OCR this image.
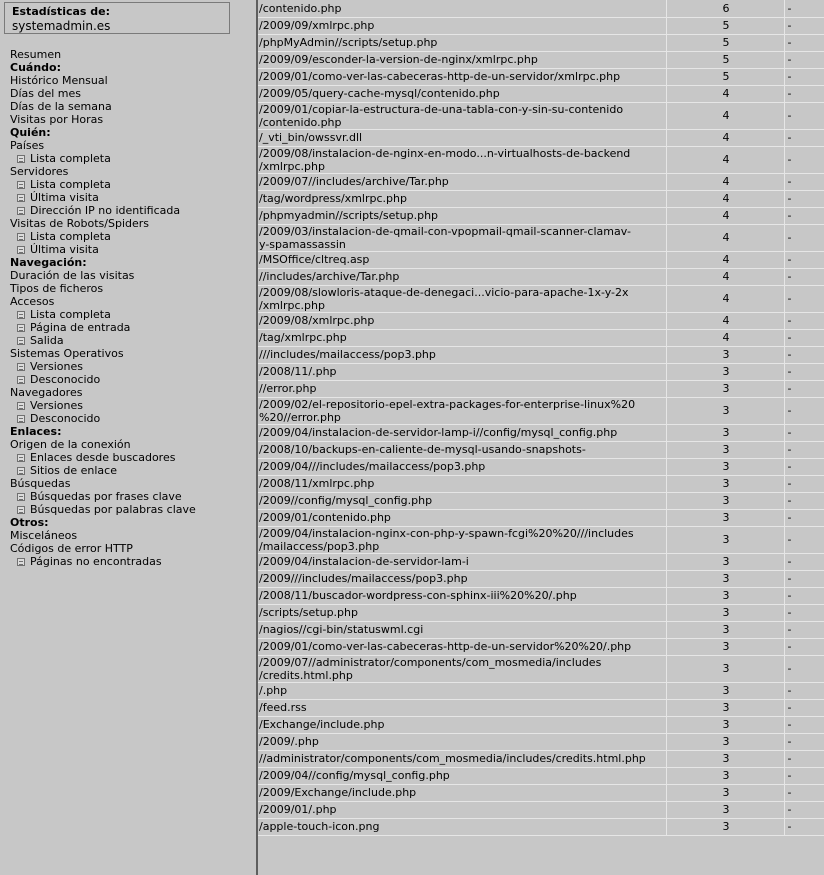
Estadísticas de:
systemadmin.es
Resumen
Cuándo:
Histórico Mensual
Días del mes
Días de la semana
Visitas por Horas
Quién:
Países
Lista completa
Servidores
Lista completa
Última visita
Dirección IP no identificada
Visitas de Robots/Spiders
Lista completa
Última visita
Navegación:
Duración de las visitas
Tipos de ficheros
Accesos
Lista completa
Página de entrada
Salida
Sistemas Operativos
Versiones
Desconocido
Navegadores
Versiones
Desconocido
Enlaces:
Origen de la conexión
Enlaces desde buscadores
Sitios de enlace
Búsquedas
Búsquedas por frases clave
Búsquedas por palabras clave
Otros:
Misceláneos
Códigos de error HTTP
Páginas no encontradas
/contenido.php	6	-
/2009/09/xmlrpc.php	5	-
/phpMyAdmin//scripts/setup.php	5	-
/2009/09/esconder-la-version-de-nginx/xmlrpc.php	5	-
/2009/01/como-ver-las-cabeceras-http-de-un-servidor/xmlrpc.php	5	-
/2009/05/query-cache-mysql/contenido.php	4	-
/2009/01/copiar-la-estructura-de-una-tabla-con-y-sin-su-contenido
/contenido.php	4	-
/_vti_bin/owssvr.dll	4	-
/2009/08/instalacion-de-nginx-en-modo...n-virtualhosts-de-backend
/xmlrpc.php	4	-
/2009/07//includes/archive/Tar.php	4	-
/tag/wordpress/xmlrpc.php	4	-
/phpmyadmin//scripts/setup.php	4	-
/2009/03/instalacion-de-qmail-con-vpopmail-qmail-scanner-clamav-
y-spamassassin	4	-
/MSOffice/cltreq.asp	4	-
//includes/archive/Tar.php	4	-
/2009/08/slowloris-ataque-de-denegaci...vicio-para-apache-1x-y-2x
/xmlrpc.php	4	-
/2009/08/xmlrpc.php	4	-
/tag/xmlrpc.php	4	-
///includes/mailaccess/pop3.php	3	-
/2008/11/.php	3	-
//error.php	3	-
/2009/02/el-repositorio-epel-extra-packages-for-enterprise-linux%20
%20//error.php	3	-
/2009/04/instalacion-de-servidor-lamp-i//config/mysql_config.php	3	-
/2008/10/backups-en-caliente-de-mysql-usando-snapshots-	3	-
/2009/04///includes/mailaccess/pop3.php	3	-
/2008/11/xmlrpc.php	3	-
/2009//config/mysql_config.php	3	-
/2009/01/contenido.php	3	-
/2009/04/instalacion-nginx-con-php-y-spawn-fcgi%20%20///includes
/mailaccess/pop3.php	3	-
/2009/04/instalacion-de-servidor-lam-i	3	-
/2009///includes/mailaccess/pop3.php	3	-
/2008/11/buscador-wordpress-con-sphinx-iii%20%20/.php	3	-
/scripts/setup.php	3	-
/nagios//cgi-bin/statuswml.cgi	3	-
/2009/01/como-ver-las-cabeceras-http-de-un-servidor%20%20/.php	3	-
/2009/07//administrator/components/com_mosmedia/includes
/credits.html.php	3	-
/.php	3	-
/feed.rss	3	-
/Exchange/include.php	3	-
/2009/.php	3	-
//administrator/components/com_mosmedia/includes/credits.html.php	3	-
/2009/04//config/mysql_config.php	3	-
/2009/Exchange/include.php	3	-
/2009/01/.php	3	-
/apple-touch-icon.png	3	-
